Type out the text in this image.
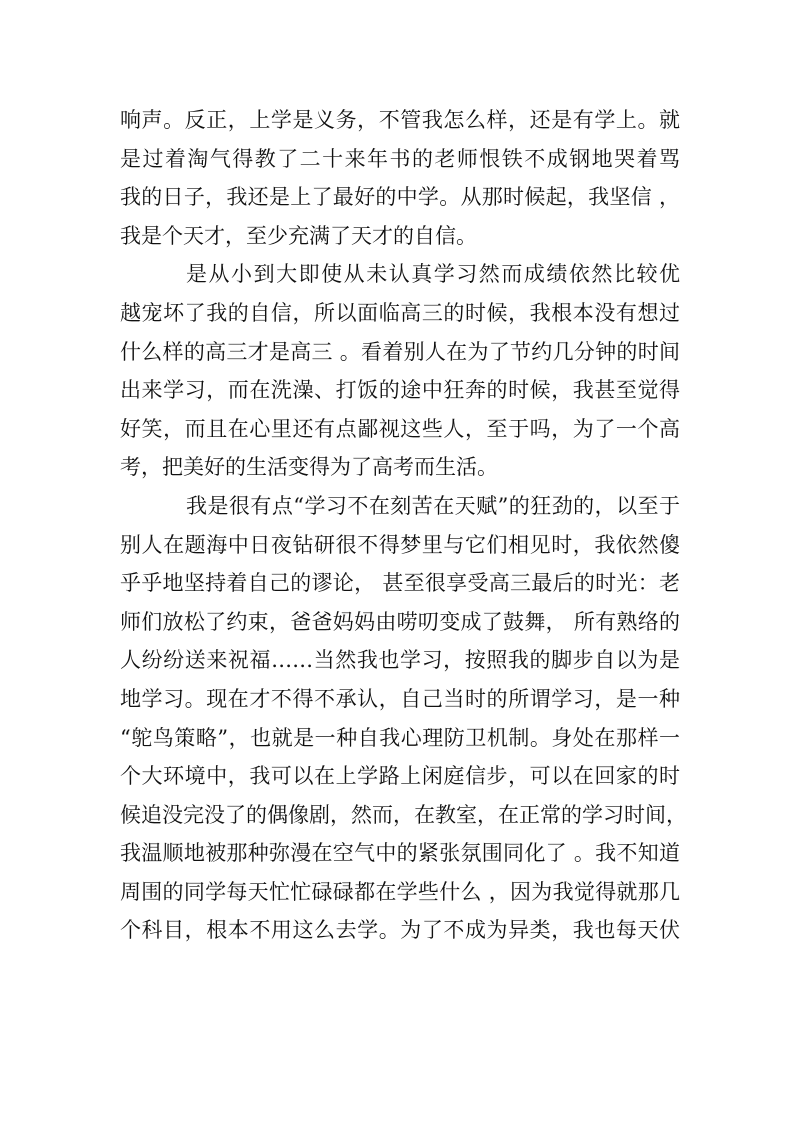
响声。反正，上学是义务，不管我怎么样，还是有学上。就
是过着淘气得教了二十来年书的老师恨铁不成钢地哭着骂
我的日子，我还是上了最好的中学。从那时候起，我坚信 ，
我是个天才，至少充满了天才的自信。
是从小到大即使从未认真学习然而成绩依然比较优
越宠坏了我的自信，所以面临高三的时候，我根本没有想过
什么样的高三才是高三 。看着别人在为了节约几分钟的时间
出来学习，而在洗澡、打饭的途中狂奔的时候，我甚至觉得
好笑，而且在心里还有点鄙视这些人，至于吗，为了一个高
考，把美好的生活变得为了高考而生活。
我是很有点“学习不在刻苦在天赋”的狂劲的，以至于
别人在题海中日夜钻研很不得梦里与它们相见时，我依然傻
乎乎地坚持着自己的谬论， 甚至很享受高三最后的时光：老
师们放松了约束，爸爸妈妈由唠叨变成了鼓舞， 所有熟络的
人纷纷送来祝福……当然我也学习，按照我的脚步自以为是
地学习。现在才不得不承认，自己当时的所谓学习，是一种
“鸵鸟策略”，也就是一种自我心理防卫机制。身处在那样一
个大环境中，我可以在上学路上闲庭信步，可以在回家的时
候追没完没了的偶像剧，然而，在教室，在正常的学习时间，
我温顺地被那种弥漫在空气中的紧张氛围同化了 。我不知道
周围的同学每天忙忙碌碌都在学些什么 ，因为我觉得就那几
个科目，根本不用这么去学。为了不成为异类，我也每天伏
